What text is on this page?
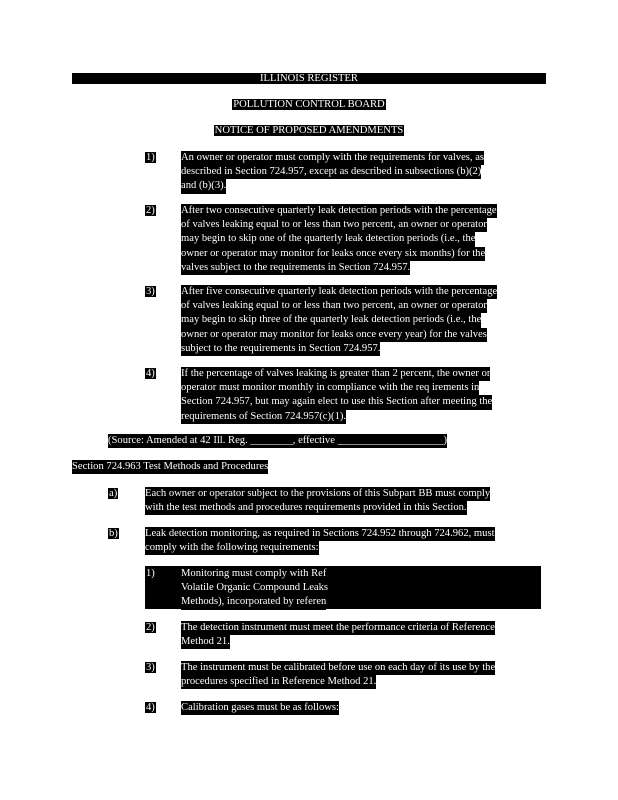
ILLINOIS REGISTER
POLLUTION CONTROL BOARD
NOTICE OF PROPOSED AMENDMENTS
1) An owner or operator must comply with the requirements for valves, as
described in Section 724.957, except as described in subsections (b)(2)
and (b)(3).
2) After two consecutive quarterly leak detection periods with the percentage
of valves leaking equal to or less than two percent, an owner or operator
may begin to skip one of the quarterly leak detection periods (i.e., the
owner or operator may monitor for leaks once every six months) for the
valves subject to the requirements in Section 724.957.
3) After five consecutive quarterly leak detection periods with the percentage
of valves leaking equal to or less than two percent, an owner or operator
may begin to skip three of the quarterly leak detection periods (i.e., the
owner or operator may monitor for leaks once every year) for the valves
subject to the requirements in Section 724.957.
4) If the percentage of valves leaking is greater than 2 percent, the owner or
operator must monitor monthly in compliance with the req irements in
Section 724.957, but may again elect to use this Section after meeting the
requirements of Section 724.957(c)(1).
(Source: Amended at 42 Ill. Reg. ________, effective ____________________)
Section 724.963 Test Methods and Procedures
a)	Each owner or operator subject to the provisions of this Subpart BB must comply
with the test methods and procedures requirements provided in this Section.
b)	Leak detection monitoring, as required in Sections 724.952 through 724.962, must
comply with the following requirements:
1) Monitoring must comply with Ref
Volatile Organic Compound Leaks
Methods), incorporated by referen
2) The detection instrument must meet the performance criteria of Reference
Method 21.
3) The instrument must be calibrated before use on each day of its use by the
procedures specified in Reference Method 21.
4) Calibration gases must be as follows:
